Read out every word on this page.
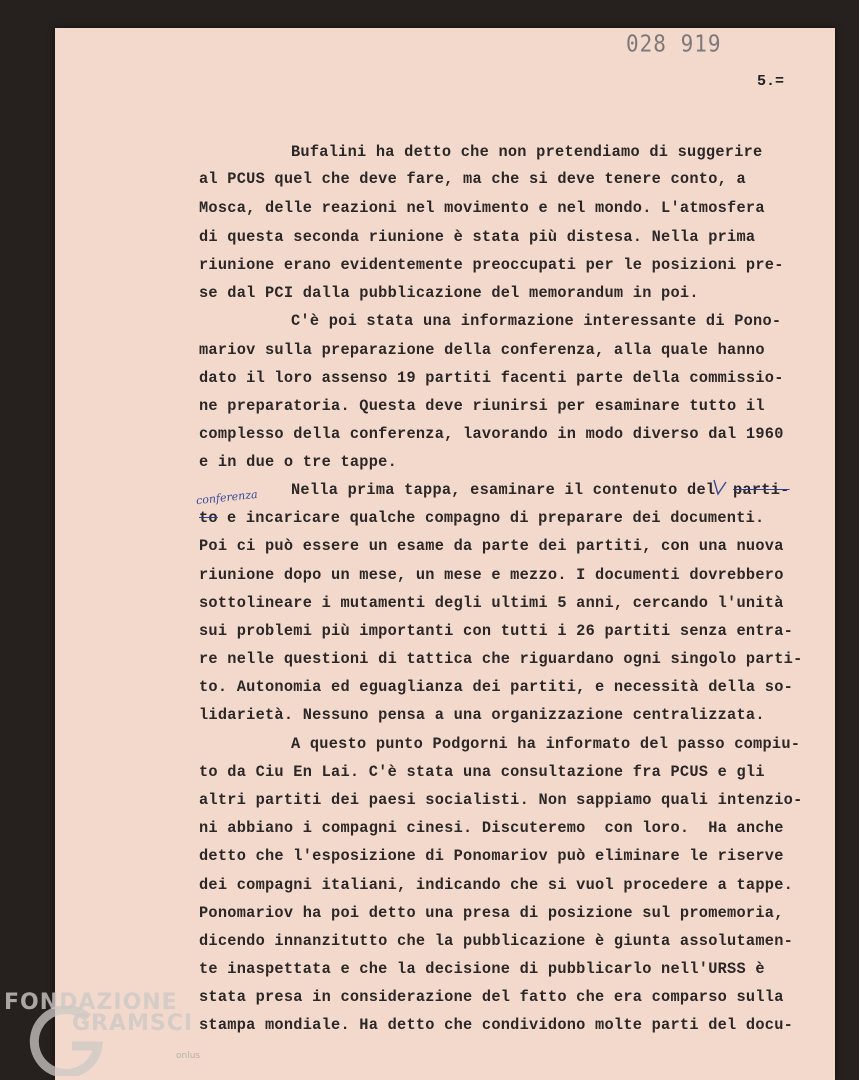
028 919
5.=
Bufalini ha detto che non pretendiamo di suggerire
al PCUS quel che deve fare, ma che si deve tenere conto, a
Mosca, delle reazioni nel movimento e nel mondo. L'atmosfera
di questa seconda riunione è stata più distesa. Nella prima
riunione erano evidentemente preoccupati per le posizioni pre-
se dal PCI dalla pubblicazione del memorandum in poi.
C'è poi stata una informazione interessante di Pono-
mariov sulla preparazione della conferenza, alla quale hanno
dato il loro assenso 19 partiti facenti parte della commissio-
ne preparatoria. Questa deve riunirsi per esaminare tutto il
complesso della conferenza, lavorando in modo diverso dal 1960
e in due o tre tappe.
Nella prima tappa, esaminare il contenuto del parti-
conferenza
to e incaricare qualche compagno di preparare dei documenti.
Poi ci può essere un esame da parte dei partiti, con una nuova
riunione dopo un mese, un mese e mezzo. I documenti dovrebbero
sottolineare i mutamenti degli ultimi 5 anni, cercando l'unità
sui problemi più importanti con tutti i 26 partiti senza entra-
re nelle questioni di tattica che riguardano ogni singolo parti-
to. Autonomia ed eguaglianza dei partiti, e necessità della so-
lidarietà. Nessuno pensa a una organizzazione centralizzata.
A questo punto Podgorni ha informato del passo compiu-
to da Ciu En Lai. C'è stata una consultazione fra PCUS e gli
altri partiti dei paesi socialisti. Non sappiamo quali intenzio-
ni abbiano i compagni cinesi. Discuteremo  con loro.  Ha anche
detto che l'esposizione di Ponomariov può eliminare le riserve
dei compagni italiani, indicando che si vuol procedere a tappe.
Ponomariov ha poi detto una presa di posizione sul promemoria,
dicendo innanzitutto che la pubblicazione è giunta assolutamen-
te inaspettata e che la decisione di pubblicarlo nell'URSS è
stata presa in considerazione del fatto che era comparso sulla
stampa mondiale. Ha detto che condividono molte parti del docu-
FONDAZIONE
GRAMSCI
onlus
